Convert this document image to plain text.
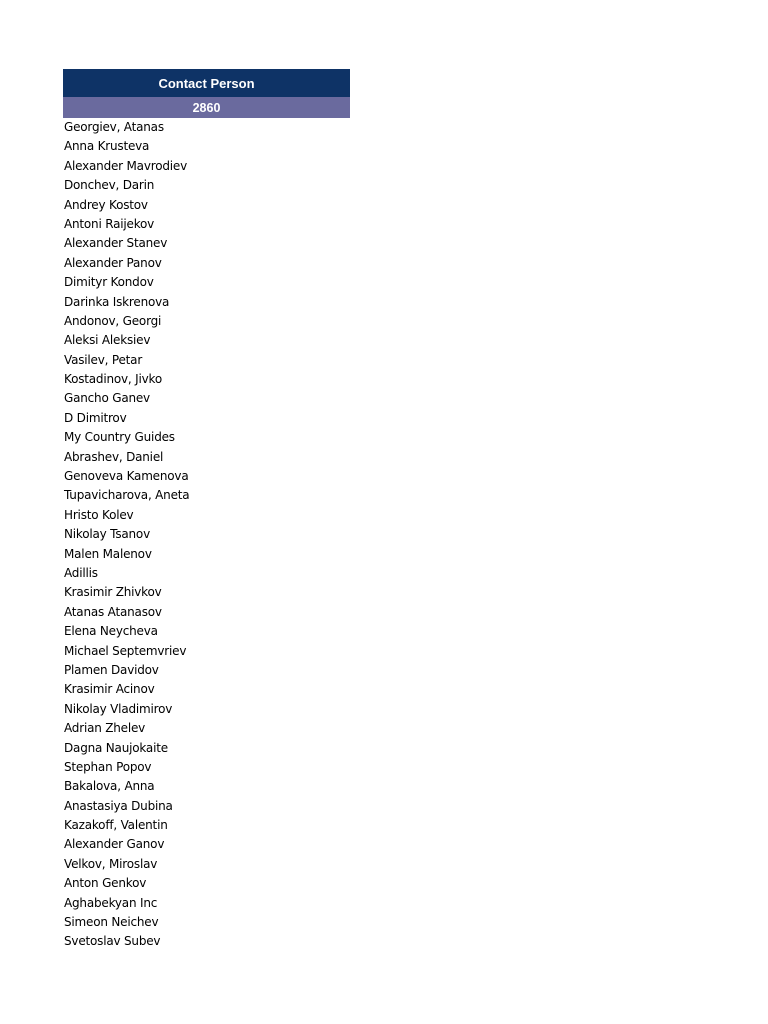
Contact Person
2860
Georgiev, Atanas
Anna Krusteva
Alexander Mavrodiev
Donchev, Darin
Andrey Kostov
Antoni Raijekov
Alexander Stanev
Alexander Panov
Dimityr Kondov
Darinka Iskrenova
Andonov, Georgi
Aleksi Aleksiev
Vasilev, Petar
Kostadinov, Jivko
Gancho Ganev
D Dimitrov
My Country Guides
Abrashev, Daniel
Genoveva Kamenova
Tupavicharova, Aneta
Hristo Kolev
Nikolay Tsanov
Malen Malenov
Adillis
Krasimir Zhivkov
Atanas Atanasov
Elena Neycheva
Michael Septemvriev
Plamen Davidov
Krasimir Acinov
Nikolay Vladimirov
Adrian Zhelev
Dagna Naujokaite
Stephan Popov
Bakalova, Anna
Anastasiya Dubina
Kazakoff, Valentin
Alexander Ganov
Velkov, Miroslav
Anton Genkov
Aghabekyan Inc
Simeon Neichev
Svetoslav Subev
